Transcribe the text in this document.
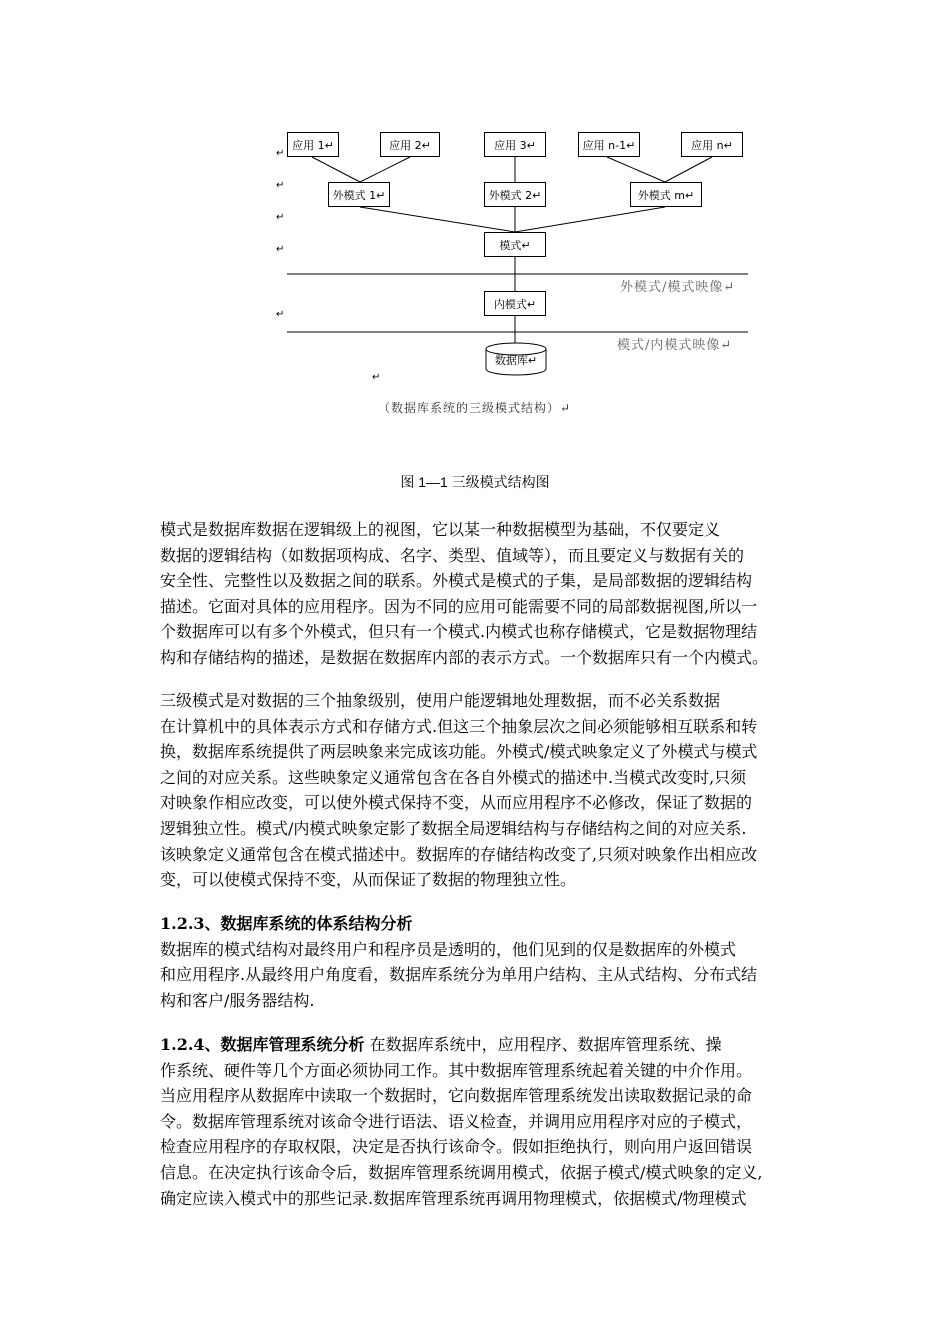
应用 1↵	应用 2↵	应用 3↵	应用 n-1↵	应用 n↵
外模式 1↵	外模式 2↵	外模式 m↵
模式↵
内模式↵
数据库↵
外模式/模式映像↵
模式/内模式映像↵
↵
↵
↵
↵
↵
↵
（数据库系统的三级模式结构）↵
图 1—1 三级模式结构图

模式是数据库数据在逻辑级上的视图，它以某一种数据模型为基础，不仅要定义

数据的逻辑结构（如数据项构成、名字、类型、值域等），而且要定义与数据有关的

安全性、完整性以及数据之间的联系。外模式是模式的子集，是局部数据的逻辑结构

描述。它面对具体的应用程序。因为不同的应用可能需要不同的局部数据视图,所以一

个数据库可以有多个外模式，但只有一个模式.内模式也称存储模式，它是数据物理结

构和存储结构的描述，是数据在数据库内部的表示方式。一个数据库只有一个内模式。

三级模式是对数据的三个抽象级别，使用户能逻辑地处理数据，而不必关系数据

在计算机中的具体表示方式和存储方式.但这三个抽象层次之间必须能够相互联系和转

换，数据库系统提供了两层映象来完成该功能。外模式/模式映象定义了外模式与模式

之间的对应关系。这些映象定义通常包含在各自外模式的描述中.当模式改变时,只须

对映象作相应改变，可以使外模式保持不变，从而应用程序不必修改，保证了数据的

逻辑独立性。模式/内模式映象定影了数据全局逻辑结构与存储结构之间的对应关系.

该映象定义通常包含在模式描述中。数据库的存储结构改变了,只须对映象作出相应改

变，可以使模式保持不变，从而保证了数据的物理独立性。

1.2.3、数据库系统的体系结构分析

数据库的模式结构对最终用户和程序员是透明的，他们见到的仅是数据库的外模式

和应用程序.从最终用户角度看，数据库系统分为单用户结构、主从式结构、分布式结

构和客户/服务器结构.

1.2.4、数据库管理系统分析 在数据库系统中，应用程序、数据库管理系统、操

作系统、硬件等几个方面必须协同工作。其中数据库管理系统起着关键的中介作用。

当应用程序从数据库中读取一个数据时，它向数据库管理系统发出读取数据记录的命

令。数据库管理系统对该命令进行语法、语义检查，并调用应用程序对应的子模式，

检查应用程序的存取权限，决定是否执行该命令。假如拒绝执行，则向用户返回错误

信息。在决定执行该命令后，数据库管理系统调用模式，依据子模式/模式映象的定义,

确定应读入模式中的那些记录.数据库管理系统再调用物理模式，依据模式/物理模式
